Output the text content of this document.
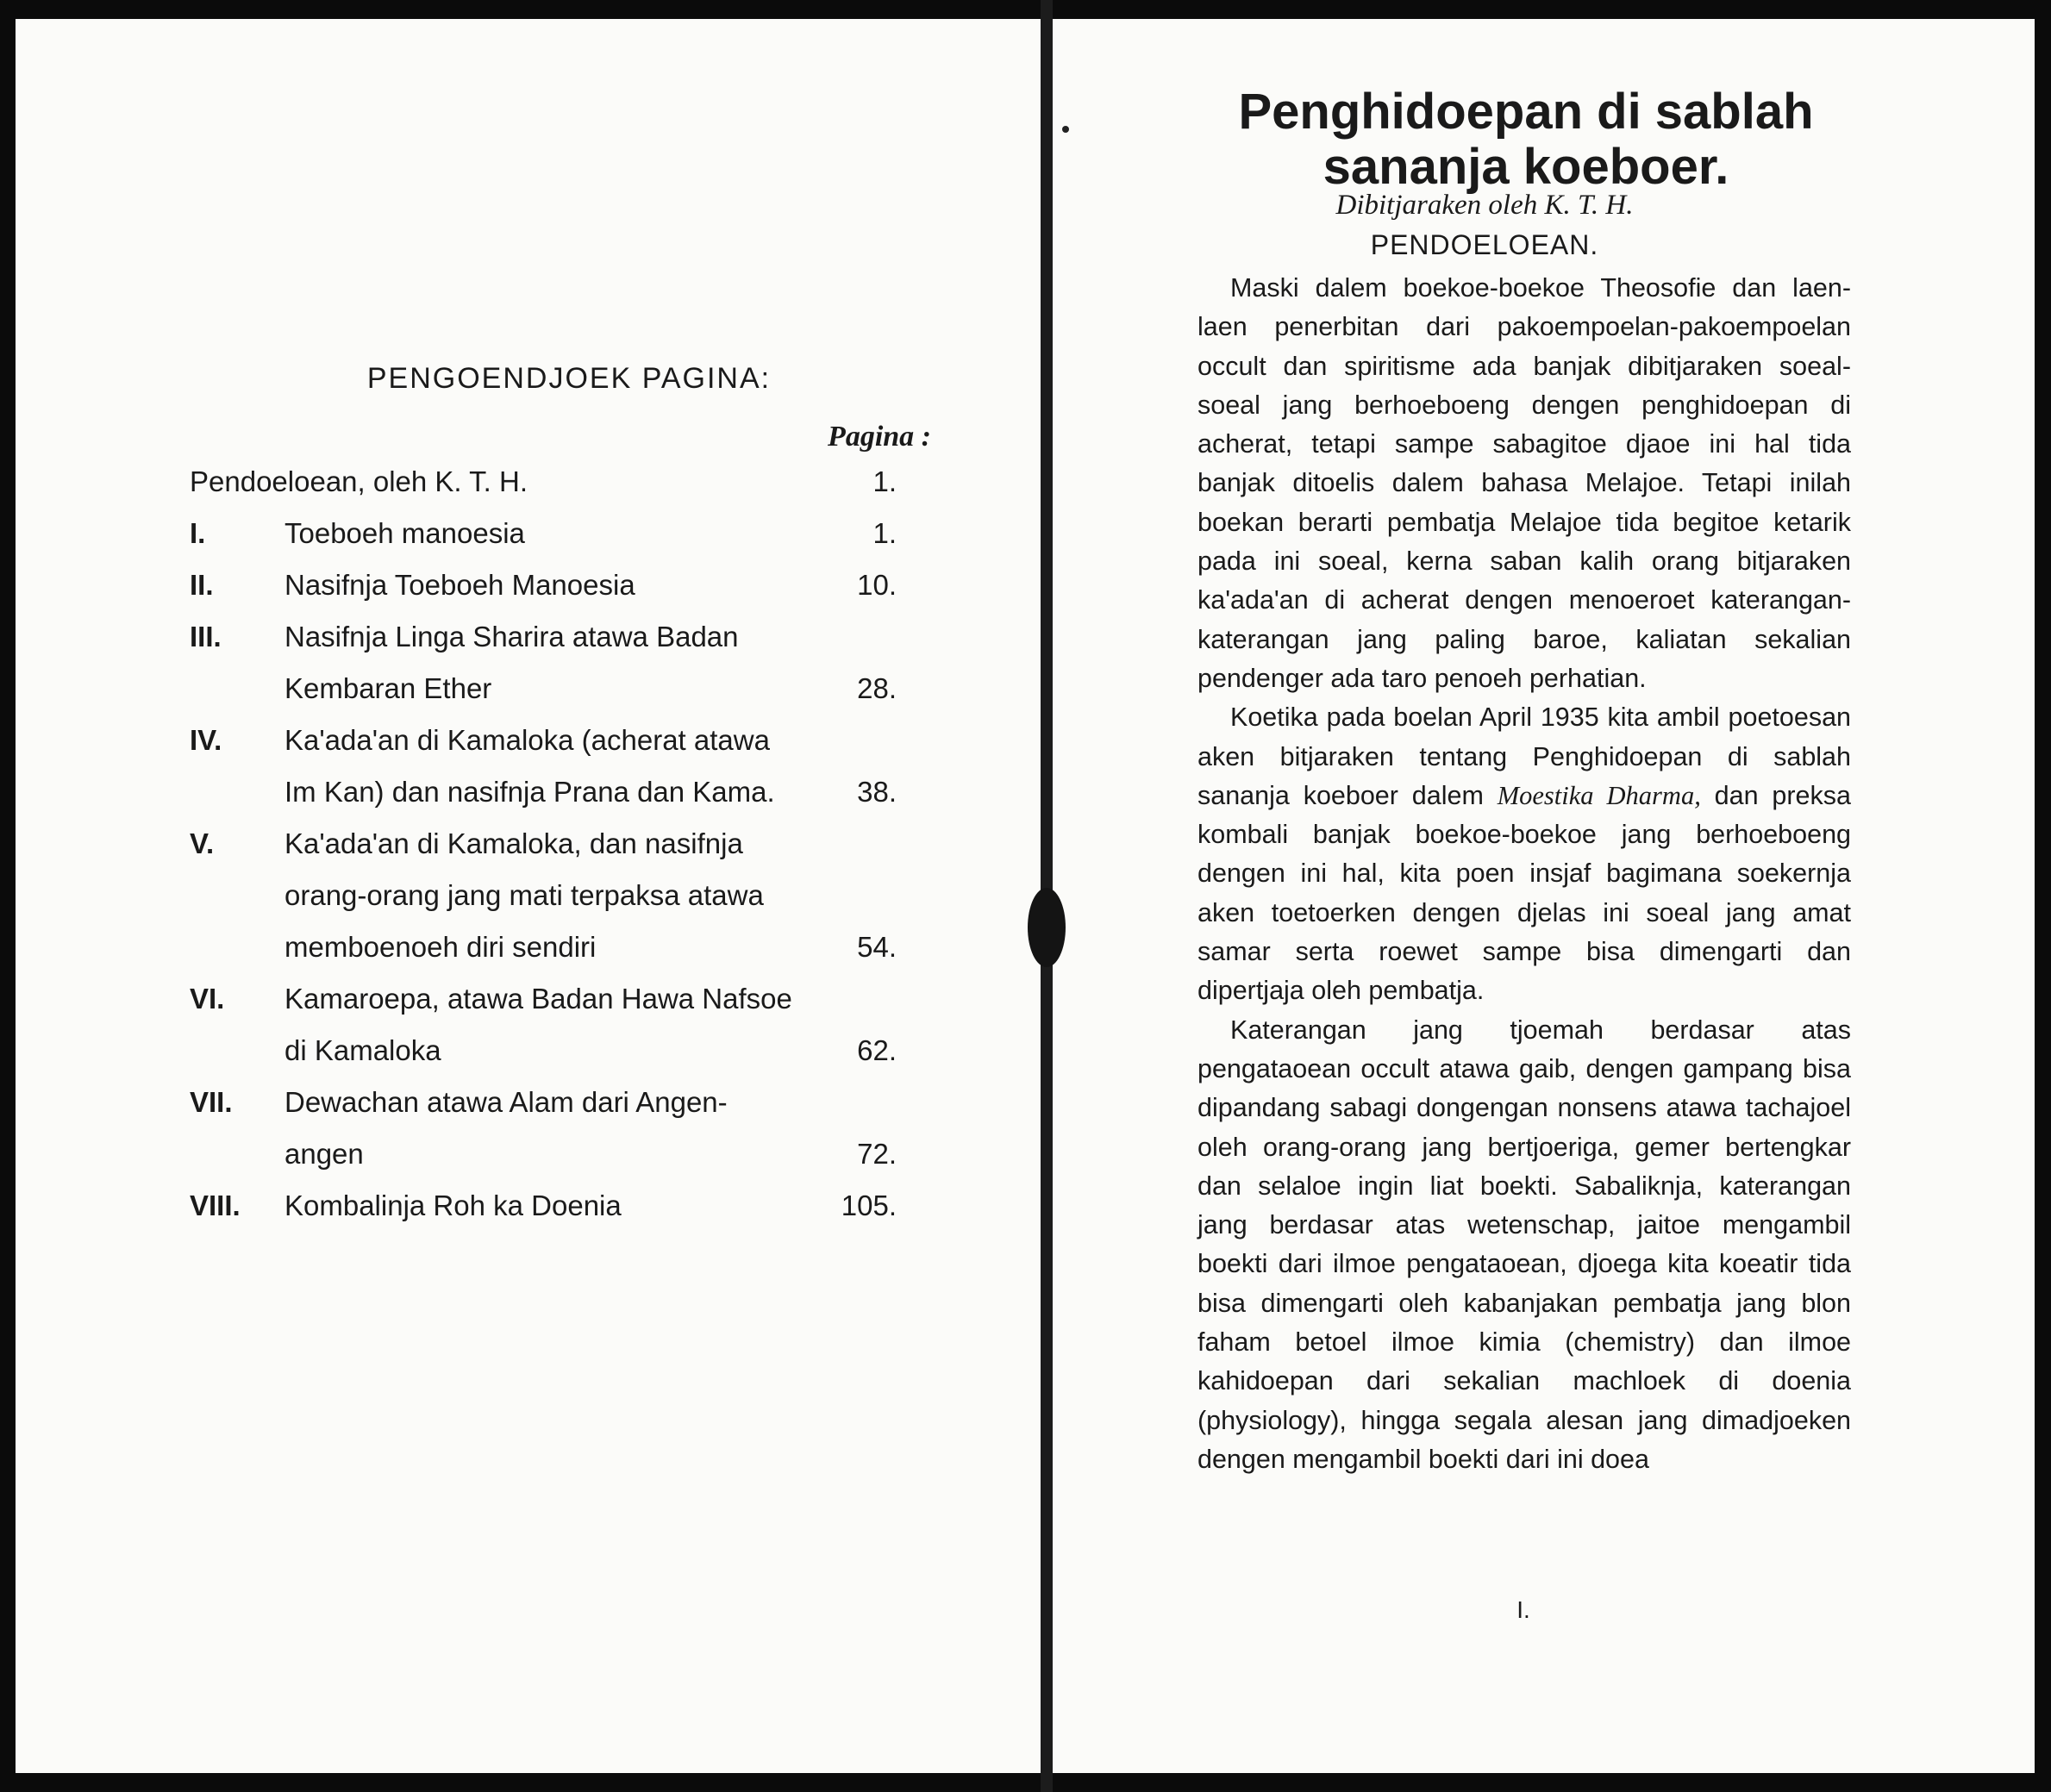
PENGOENDJOEK PAGINA:
Pagina :
Pendoeloean, oleh K. T. H.	1.
I.	Toeboeh manoesia	1.
II.	Nasifnja Toeboeh Manoesia	10.
III.	Nasifnja Linga Sharira atawa Badan
Kembaran Ether	28.
IV.	Ka'ada'an di Kamaloka (acherat atawa
Im Kan) dan nasifnja Prana dan Kama.	38.
V.	Ka'ada'an di Kamaloka, dan nasifnja
orang-orang jang mati terpaksa atawa
memboenoeh diri sendiri	54.
VI.	Kamaroepa, atawa Badan Hawa Nafsoe
di Kamaloka	62.
VII.	Dewachan atawa Alam dari Angen-
angen	72.
VIII.	Kombalinja Roh ka Doenia	105.
Penghidoepan di sablah
sananja koeboer.
Dibitjaraken oleh K. T. H.
PENDOELOEAN.

Maski dalem boekoe-boekoe Theosofie dan laen-laen penerbitan dari pakoempoelan-pakoempoelan occult dan spiritisme ada banjak dibitjaraken soeal-soeal jang berhoeboeng dengen penghidoepan di acherat, tetapi sampe sabagitoe djaoe ini hal tida banjak ditoelis dalem bahasa Melajoe. Tetapi inilah boekan berarti pembatja Melajoe tida begitoe ketarik pada ini soeal, kerna saban kalih orang bitjaraken ka'ada'an di acherat dengen menoeroet katerangan-katerangan jang paling baroe, kaliatan sekalian pendenger ada taro penoeh perhatian.

Koetika pada boelan April 1935 kita ambil poetoesan aken bitjaraken tentang Penghidoepan di sablah sananja koeboer dalem Moestika Dharma, dan preksa kombali banjak boekoe-boekoe jang berhoeboeng dengen ini hal, kita poen insjaf bagimana soekernja aken toetoerken dengen djelas ini soeal jang amat samar serta roewet sampe bisa dimengarti dan dipertjaja oleh pembatja.

Katerangan jang tjoemah berdasar atas pengataoean occult atawa gaib, dengen gampang bisa dipandang sabagi dongengan nonsens atawa tachajoel oleh orang-orang jang bertjoeriga, gemer bertengkar dan selaloe ingin liat boekti. Sabaliknja, katerangan jang berdasar atas wetenschap, jaitoe mengambil boekti dari ilmoe pengataoean, djoega kita koeatir tida bisa dimengarti oleh kabanjakan pembatja jang blon faham betoel ilmoe kimia (chemistry) dan ilmoe kahidoepan dari sekalian machloek di doenia (physiology), hingga segala alesan jang dimadjoeken dengen mengambil boekti dari ini doea

I.
